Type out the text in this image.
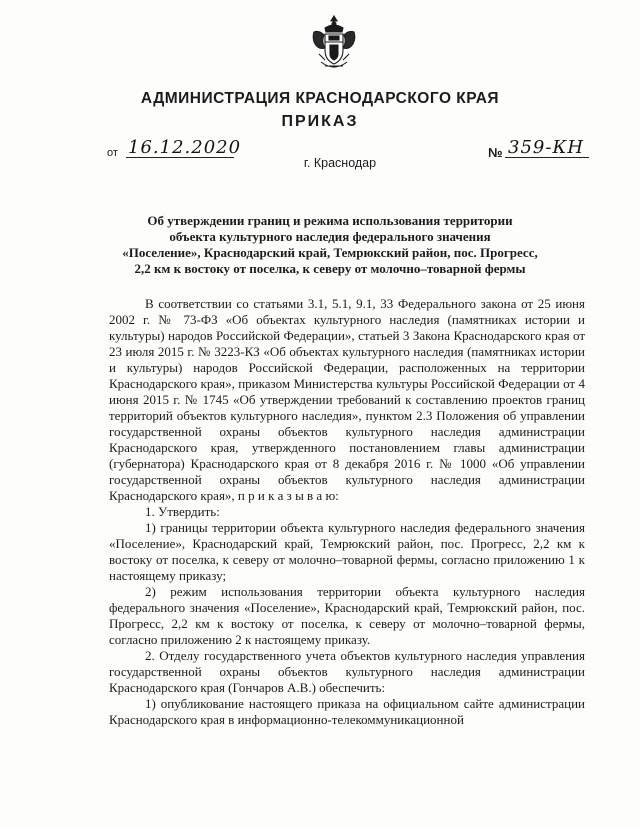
АДМИНИСТРАЦИЯ КРАСНОДАРСКОГО КРАЯ
ПРИКАЗ
от 16.12.2020
г. Краснодар
№ 359-КН
Об утверждении границ и режима использования территории
объекта культурного наследия федерального значения
«Поселение», Краснодарский край, Темрюкский район, пос. Прогресс,
2,2 км к востоку от поселка, к северу от молочно–товарной фермы

В соответствии со статьями 3.1, 5.1, 9.1, 33 Федерального закона от 25 июня 2002 г. № 73-ФЗ «Об объектах культурного наследия (памятниках истории и культуры) народов Российской Федерации», статьей 3 Закона Краснодарского края от 23 июля 2015 г. № 3223-КЗ «Об объектах культурного наследия (памятниках истории и культуры) народов Российской Федерации, расположенных на территории Краснодарского края», приказом Министерства культуры Российской Федерации от 4 июня 2015 г. № 1745 «Об утверждении требований к составлению проектов границ территорий объектов культурного наследия», пунктом 2.3 Положения об управлении государственной охраны объектов культурного наследия администрации Краснодарского края, утвержденного постановлением главы администрации (губернатора) Краснодарского края от 8 декабря 2016 г. № 1000 «Об управлении государственной охраны объектов культурного наследия администрации Краснодарского края», п р и к а з ы в а ю:

1. Утвердить:

1) границы территории объекта культурного наследия федерального значения «Поселение», Краснодарский край, Темрюкский район, пос. Прогресс, 2,2 км к востоку от поселка, к северу от молочно–товарной фермы, согласно приложению 1 к настоящему приказу;

2) режим использования территории объекта культурного наследия федерального значения «Поселение», Краснодарский край, Темрюкский район, пос. Прогресс, 2,2 км к востоку от поселка, к северу от молочно–товарной фермы, согласно приложению 2 к настоящему приказу.

2. Отделу государственного учета объектов культурного наследия управления государственной охраны объектов культурного наследия администрации Краснодарского края (Гончаров А.В.) обеспечить:

1) опубликование настоящего приказа на официальном сайте администрации Краснодарского края в информационно-телекоммуникационной
